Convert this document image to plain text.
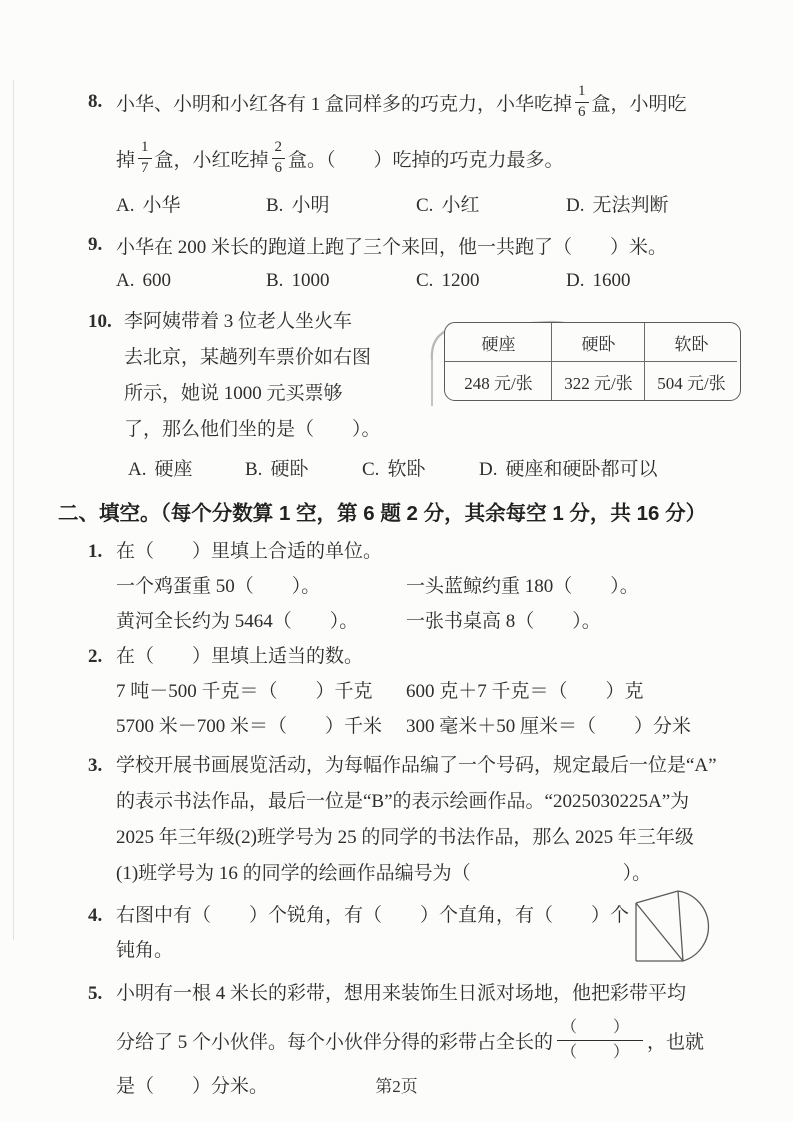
8. 小华、小明和小红各有 1 盒同样多的巧克力，小华吃掉 $\frac{1}{6}$ 盒，小明吃
掉 $\frac{1}{7}$ 盒，小红吃掉 $\frac{2}{6}$ 盒。（　　）吃掉的巧克力最多。
A. 小华	B. 小明	C. 小红	D. 无法判断
9. 小华在 200 米长的跑道上跑了三个来回，他一共跑了（　　）米。
A. 600	B. 1000	C. 1200	D. 1600
10. 李阿姨带着 3 位老人坐火车
去北京，某趟列车票价如右图
所示，她说 1000 元买票够
了，那么他们坐的是（　　）。
硬座	硬卧	软卧
248 元/张	322 元/张	504 元/张
A. 硬座	B. 硬卧	C. 软卧	D. 硬座和硬卧都可以
二、填空。（每个分数算 1 空，第 6 题 2 分，其余每空 1 分，共 16 分）
1. 在（　　）里填上合适的单位。
一个鸡蛋重 50（　　）。	一头蓝鲸约重 180（　　）。
黄河全长约为 5464（　　）。	一张书桌高 8（　　）。
2. 在（　　）里填上适当的数。
7 吨－500 千克＝（　　）千克	600 克＋7 千克＝（　　）克
5700 米－700 米＝（　　）千米	300 毫米＋50 厘米＝（　　）分米
3. 学校开展书画展览活动，为每幅作品编了一个号码，规定最后一位是“A”
的表示书法作品，最后一位是“B”的表示绘画作品。“2025030225A”为
2025 年三年级(2)班学号为 25 的同学的书法作品，那么 2025 年三年级
(1)班学号为 16 的同学的绘画作品编号为（　　　　　　　　）。
4. 右图中有（　　）个锐角，有（　　）个直角，有（　　）个
钝角。
5. 小明有一根 4 米长的彩带，想用来装饰生日派对场地，他把彩带平均
分给了 5 个小伙伴。每个小伙伴分得的彩带占全长的 $\frac{( )}{( )}$ ，也就
是（　　）分米。	第2页
